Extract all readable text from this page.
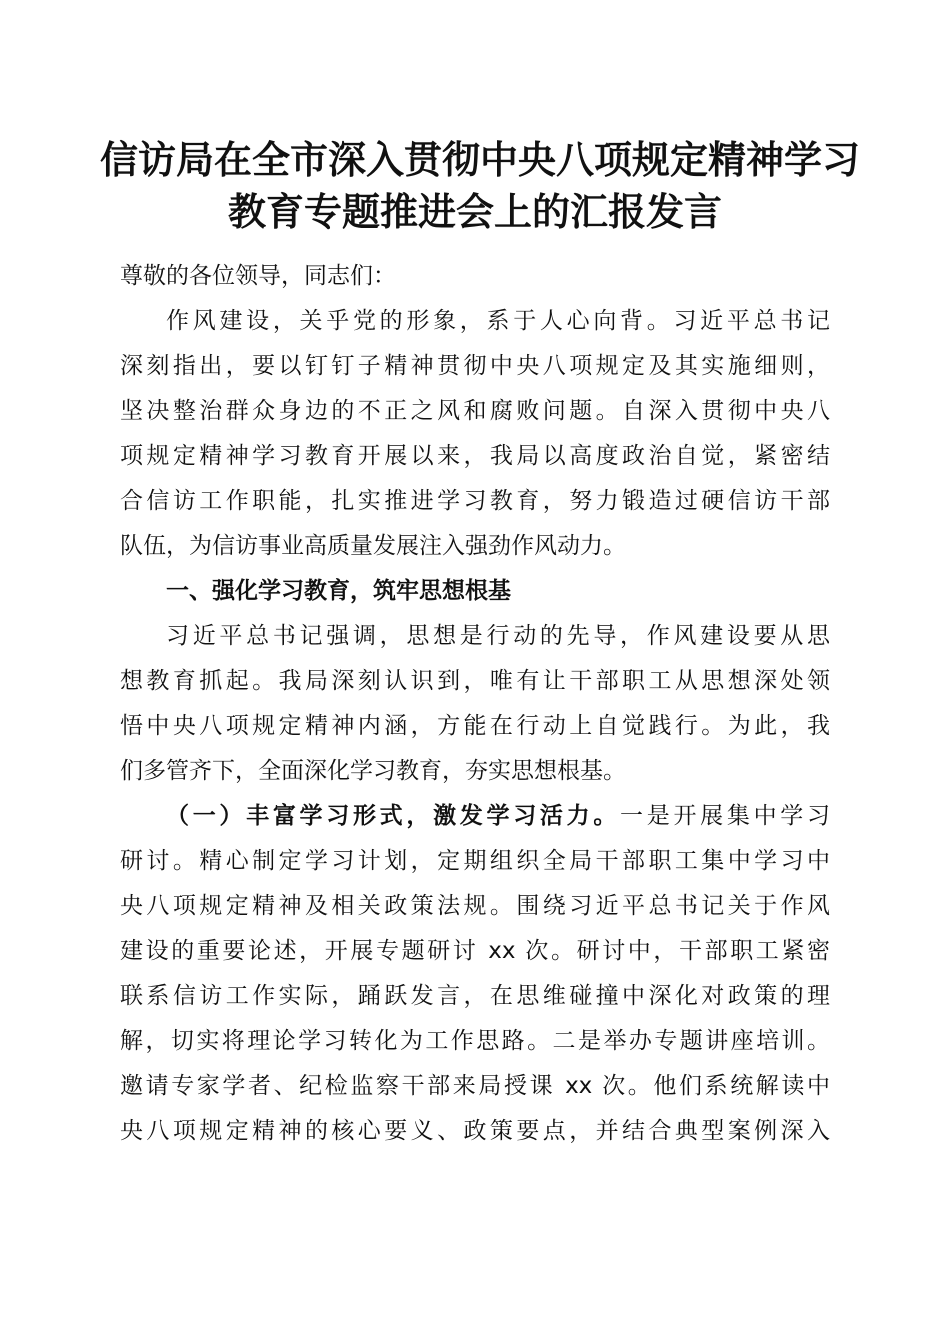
信访局在全市深入贯彻中央八项规定精神学习
教育专题推进会上的汇报发言
尊敬的各位领导，同志们：
作风建设，关乎党的形象，系于人心向背。习近平总书记
深刻指出，要以钉钉子精神贯彻中央八项规定及其实施细则，
坚决整治群众身边的不正之风和腐败问题。自深入贯彻中央八
项规定精神学习教育开展以来，我局以高度政治自觉，紧密结
合信访工作职能，扎实推进学习教育，努力锻造过硬信访干部
队伍，为信访事业高质量发展注入强劲作风动力。
一、强化学习教育，筑牢思想根基
习近平总书记强调，思想是行动的先导，作风建设要从思
想教育抓起。我局深刻认识到，唯有让干部职工从思想深处领
悟中央八项规定精神内涵，方能在行动上自觉践行。为此，我
们多管齐下，全面深化学习教育，夯实思想根基。
（一）丰富学习形式，激发学习活力。一是开展集中学习
研讨。精心制定学习计划，定期组织全局干部职工集中学习中
央八项规定精神及相关政策法规。围绕习近平总书记关于作风
建设的重要论述，开展专题研讨 xx 次。研讨中，干部职工紧密
联系信访工作实际，踊跃发言，在思维碰撞中深化对政策的理
解，切实将理论学习转化为工作思路。二是举办专题讲座培训。
邀请专家学者、纪检监察干部来局授课 xx 次。他们系统解读中
央八项规定精神的核心要义、政策要点，并结合典型案例深入
